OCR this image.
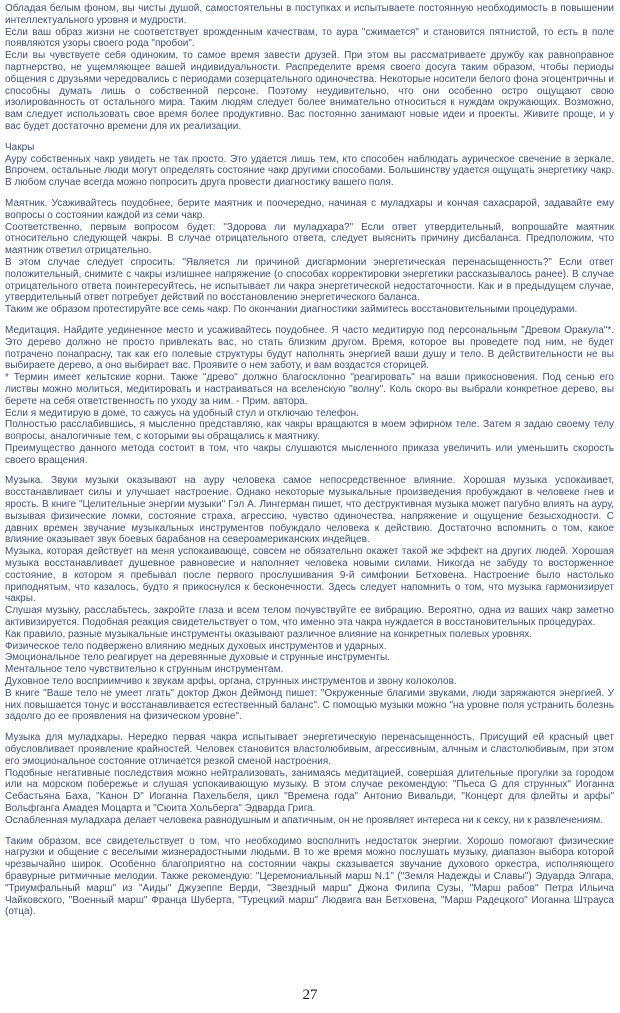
Обладая белым фоном, вы чисты душой, самостоятельны в поступках и испытываете постоянную необходимость в повышении интеллектуального уровня и мудрости.

Если ваш образ жизни не соответствует врожденным качествам, то аура "сжимается" и становится пятнистой, то есть в поле появляются узоры своего рода "пробои".

Если вы чувствуете себя одиноким, то самое время завести друзей. При этом вы рассматриваете дружбу как равноправное партнерство, не ущемляющее вашей индивидуальности. Распределите время своего досуга таким образом, чтобы периоды общения с друзьями чередовались с периодами созерцательного одиночества. Некоторые носители белого фона эгоцентричны и способны думать лишь о собственной персоне. Поэтому неудивительно, что они особенно остро ощущают свою изолированность от остального мира. Таким людям следует более внимательно относиться к нуждам окружающих. Возможно, вам следует использовать свое время более продуктивно. Вас постоянно занимают новые идеи и проекты. Живите проще, и у вас будет достаточно времени для их реализации.

Чакры

Ауру собственных чакр увидеть не так просто. Это удается лишь тем, кто способен наблюдать аурическое свечение в зеркале. Впрочем, остальные люди могут определять состояние чакр другими способами. Большинству удается ощущать энергетику чакр. В любом случае всегда можно попросить друга провести диагностику вашего поля.

Маятник. Усаживайтесь поудобнее, берите маятник и поочередно, начиная с муладхары и кончая сахасрарой, задавайте ему вопросы о состоянии каждой из семи чакр.

Соответственно, первым вопросом будет: "Здорова ли муладхара?" Если ответ утвердительный, вопрошайте маятник относительно следующей чакры. В случае отрицательного ответа, следует выяснить причину дисбаланса. Предположим, что маятник ответил отрицательно.

В этом случае следует спросить: "Является ли причиной дисгармонии энергетическая перенасыщенность?" Если ответ положительный, снимите с чакры излишнее напряжение (о способах корректировки энергетики рассказывалось ранее). В случае отрицательного ответа поинтересуйтесь, не испытывает ли чакра энергетической недостаточности. Как и в предыдущем случае, утвердительный ответ потребует действий по восстановлению энергетического баланса.

Таким же образом протестируйте все семь чакр. По окончании диагностики займитесь восстановительными процедурами.

Медитация. Найдите уединенное место и усаживайтесь поудобнее. Я часто медитирую под персональным "Древом Оракула"*. Это дерево должно не просто привлекать вас, но стать близким другом. Время, которое вы проведете под ним, не будет потрачено понапрасну, так как его полевые структуры будут наполнять энергией ваши душу и тело. В действительности не вы выбираете дерево, а оно выбирает вас. Проявите о нем заботу, и вам воздастся сторицей.

* Термин имеет кельтские корни. Также "древо" должно благосклонно "реагировать" на ваши прикосновения. Под сенью его листвы можно молиться, медитировать и настраиваться на вселенскую "волну". Коль скоро вы выбрали конкретное дерево, вы берете на себя ответственность по уходу за ним. - Прим. автора.

Если я медитирую в доме, то сажусь на удобный стул и отключаю телефон.

Полностью расслабившись, я мысленно представляю, как чакры вращаются в моем эфирном теле. Затем я задаю своему телу вопросы, аналогичные тем, с которыми вы обращались к маятнику.

Преимущество данного метода состоит в том, что чакры слушаются мысленного приказа увеличить или уменьшить скорость своего вращения.

Музыка. Звуки музыки оказывают на ауру человека самое непосредственное влияние. Хорошая музыка успокаивает, восстанавливает силы и улучшает настроение. Однако некоторые музыкальные произведения пробуждают в человеке гнев и ярость. В книге "Целительные энергии музыки" Гэл А. Лингерман пишет, что деструктивная музыка может пагубно влиять на ауру, вызывая физические ломки, состояние страха, агрессию, чувство одиночества, напряжение и ощущение безысходности. С давних времен звучание музыкальных инструментов побуждало человека к действию. Достаточно вспомнить о том, какое влияние оказывает звук боевых барабанов на североамериканских индейцев.

Музыка, которая действует на меня успокаивающе, совсем не обязательно окажет такой же эффект на других людей. Хорошая музыка восстанавливает душевное равновесие и наполняет человека новыми силами. Никогда не забуду то восторженное состояние, в котором я пребывал после первого прослушивания 9-й симфонии Бетховена. Настроение было настолько приподнятым, что казалось, будто я прикоснулся к бесконечности. Здесь следует напомнить о том, что музыка гармонизирует чакры.

Слушая музыку, расслабьтесь, закройте глаза и всем телом почувствуйте ее вибрацию. Вероятно, одна из ваших чакр заметно активизируется. Подобная реакция свидетельствует о том, что именно эта чакра нуждается в восстановительных процедурах.

Как правило, разные музыкальные инструменты оказывают различное влияние на конкретных полевых уровнях.

Физическое тело подвержено влиянию медных духовых инструментов и ударных.

Эмоциональное тело реагирует на деревянные духовые и струнные инструменты.

Ментальное тело чувствительно к струнным инструментам.

Духовное тело восприимчиво к звукам арфы, органа, струнных инструментов и звону колоколов.

В книге "Ваше тело не умеет лгать" доктор Джон Деймонд пишет: "Окруженные благими звуками, люди заряжаются энергией. У них повышается тонус и восстанавливается естественный баланс". С помощью музыки можно "на уровне поля устранить болезнь задолго до ее проявления на физическом уровне".

Музыка для муладхары. Нередко первая чакра испытывает энергетическую перенасыщенность. Присущий ей красный цвет обусловливает проявление крайностей. Человек становится властолюбивым, агрессивным, алчным и сластолюбивым, при этом его эмоциональное состояние отличается резкой сменой настроения.

Подобные негативные последствия можно нейтрализовать, занимаясь медитацией, совершая длительные прогулки за городом или на морском побережье и слушая успокаивающую музыку. В этом случае рекомендую: "Пьеса G для струнных" Иоганна Себастьяна Баха, "Канон D" Иоганна Пахельбеля, цикл "Времена года" Антонио Вивальди, "Концерт для флейты и арфы" Вольфганга Амадея Моцарта и "Сюита Хольберга" Эдварда Грига.

Ослабленная муладхара делает человека равнодушным и апатичным, он не проявляет интереса ни к сексу, ни к развлечениям.

Таким образом, все свидетельствует о том, что необходимо восполнить недостаток энергии. Хорошо помогают физические нагрузки и общение с веселыми жизнерадостными людьми. В то же время можно послушать музыку, диапазон выбора которой чрезвычайно широк. Особенно благоприятно на состоянии чакры сказывается звучание духового оркестра, исполняющего бравурные ритмичные мелодии. Также рекомендую: "Церемониальный марш N.1" ("Земля Надежды и Славы") Эдуарда Элгара, "Триумфальный марш" из "Аиды" Джузеппе Верди, "Звездный марш" Джона Филипа Сузы, "Марш рабов" Петра Ильича Чайковского, "Военный марш" Франца Шуберта, "Турецкий марш" Людвига ван Бетховена, "Марш Радецкого" Иоганна Штрауса (отца).

27
